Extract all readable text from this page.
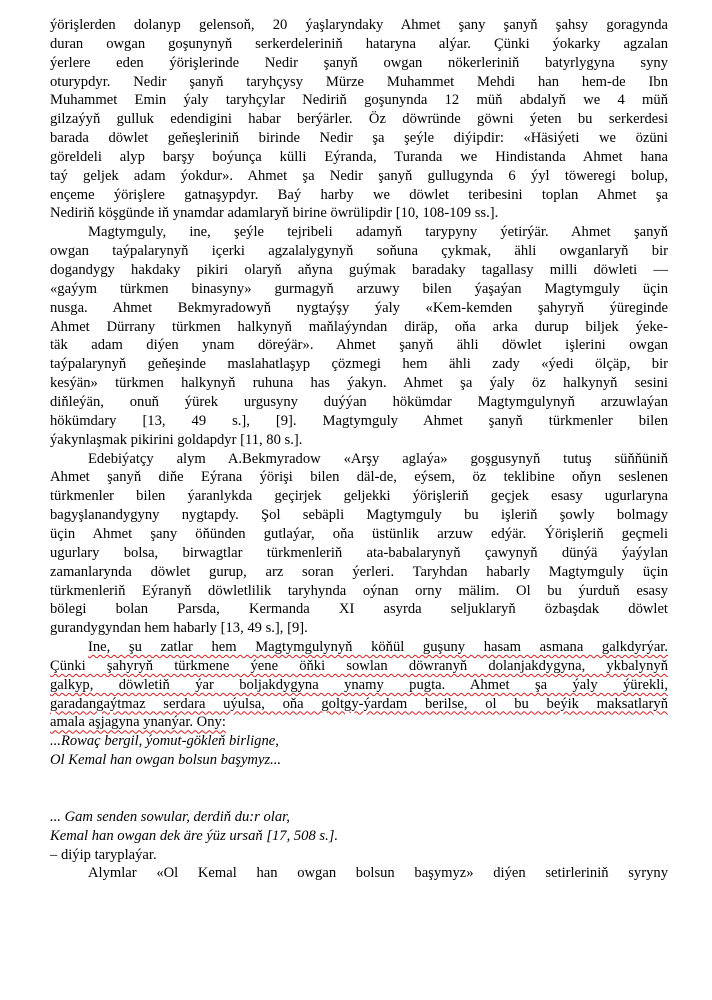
ýörişlerden dolanyp gelensoň, 20 ýaşlaryndaky Ahmet şany şanyň şahsy goragynda
duran owgan goşunynyň serkerdeleriniň hataryna alýar. Çünki ýokarky agzalan
ýerlere eden ýörişlerinde Nedir şanyň owgan nökerleriniň batyrlygyna syny
oturypdyr. Nedir şanyň taryhçysy Mürze Muhammet Mehdi han hem-de Ibn
Muhammet Emin ýaly taryhçylar Nediriň goşunynda 12 müň abdalyň we 4 müň
gilzaýyň gulluk edendigini habar berýärler. Öz döwründe göwni ýeten bu serkerdesi
barada döwlet geňeşleriniň birinde Nedir şa şeýle diýipdir: «Häsiýeti we özüni
göreldeli alyp barşy boýunça külli Eýranda, Turanda we Hindistanda Ahmet hana
taý geljek adam ýokdur». Ahmet şa Nedir şanyň gullugynda 6 ýyl töweregi bolup,
ençeme ýörişlere gatnaşypdyr. Baý harby we döwlet teribesini toplan Ahmet şa
Nediriň köşgünde iň ynamdar adamlaryň birine öwrülipdir [10, 108-109 ss.].
Magtymguly, ine, şeýle tejribeli adamyň tarypyny ýetirýär. Ahmet şanyň
owgan taýpalarynyň içerki agzalalygynyň soňuna çykmak, ähli owganlaryň bir
dogandygy hakdaky pikiri olaryň aňyna guýmak baradaky tagallasy milli döwleti —
«gaýym türkmen binasyny» gurmagyň arzuwy bilen ýaşaýan Magtymguly üçin
nusga. Ahmet Bekmyradowyň nygtaýşy ýaly «Kem-kemden şahyryň ýüreginde
Ahmet Dürrany türkmen halkynyň maňlaýyndan diräp, oňa arka durup biljek ýeke-
täk adam diýen ynam döreýär». Ahmet şanyň ähli döwlet işlerini owgan
taýpalarynyň geňeşinde maslahatlaşyp çözmegi hem ähli zady «ýedi ölçäp, bir
kesýän» türkmen halkynyň ruhuna has ýakyn. Ahmet şa ýaly öz halkynyň sesini
diňleýän, onuň ýürek urgusyny duýýan hökümdar Magtymgulynyň arzuwlaýan
hökümdary [13, 49 s.], [9]. Magtymguly Ahmet şanyň türkmenler bilen
ýakynlaşmak pikirini goldapdyr [11, 80 s.].
Edebiýatçy alym A.Bekmyradow «Arşy aglaýa» goşgusynyň tutuş süňňüniň
Ahmet şanyň diňe Eýrana ýörişi bilen däl-de, eýsem, öz teklibine oňyn seslenen
türkmenler bilen ýaranlykda geçirjek geljekki ýörişleriň geçjek esasy ugurlaryna
bagyşlanandygyny nygtapdy. Şol sebäpli Magtymguly bu işleriň şowly bolmagy
üçin Ahmet şany öňünden gutlaýar, oňa üstünlik arzuw edýär. Ýörişleriň geçmeli
ugurlary bolsa, birwagtlar türkmenleriň ata-babalarynyň çawynyň dünýä ýaýylan
zamanlarynda döwlet gurup, arz soran ýerleri. Taryhdan habarly Magtymguly üçin
türkmenleriň Eýranyň döwletlilik taryhynda oýnan orny mälim. Ol bu ýurduň esasy
bölegi bolan Parsda, Kermanda XI asyrda seljuklaryň özbaşdak döwlet
gurandygyndan hem habarly [13, 49 s.], [9].
Ine, şu zatlar hem Magtymgulynyň köňül guşuny hasam asmana galkdyrýar.
Çünki şahyryň türkmene ýene öňki sowlan döwranyň dolanjakdygyna, ykbalynyň
galkyp, döwletiň ýar boljakdygyna ynamy pugta. Ahmet şa ýaly ýürekli,
garadangaýtmaz serdara uýulsa, oňa goltgy-ýardam berilse, ol bu beýik maksatlaryň
amala aşjagyna ynanýar. Ony:
...Rowaç bergil, ýomut-gökleň birligne,
Ol Kemal han owgan bolsun başymyz...
... Gam senden sowular, derdiň du:r olar,
Kemal han owgan dek äre ýüz ursaň [17, 508 s.].
– diýip taryplaýar.
Alymlar «Ol Kemal han owgan bolsun başymyz» diýen setirleriniň syryny
